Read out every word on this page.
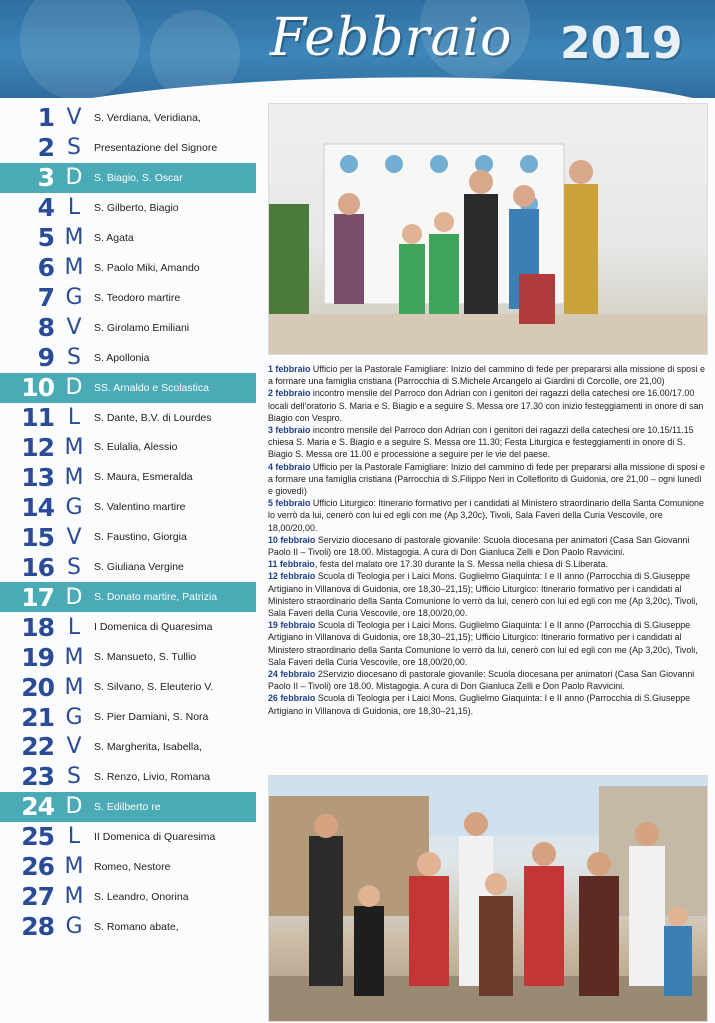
Febbraio 2019
1 V	S. Verdiana, Veridiana,
2 S	Presentazione del Signore
3 D	S. Biagio, S. Oscar
4 L	S. Gilberto, Biagio
5 M	S. Agata
6 M	S. Paolo Miki, Amando
7 G	S. Teodoro martire
8 V	S. Girolamo Emiliani
9 S	S. Apollonia
10 D	SS. Arnaldo e Scolastica
11 L	S. Dante, B.V. di Lourdes
12 M	S. Eulalia, Alessio
13 M	S. Maura, Esmeralda
14 G	S. Valentino martire
15 V	S. Faustino, Giorgia
16 S	S. Giuliana Vergine
17 D	S. Donato martire, Patrizia
18 L	I Domenica di Quaresima
19 M	S. Mansueto, S. Tullio
20 M	S. Silvano, S. Eleuterio V.
21 G	S. Pier Damiani, S. Nora
22 V	S. Margherita, Isabella,
23 S	S. Renzo, Livio, Romana
24 D	S. Edilberto re
25 L	II Domenica di Quaresima
26 M	Romeo, Nestore
27 M	S. Leandro, Onorina
28 G	S. Romano abate,

1 febbraio Ufficio per la Pastorale Famigliare: Inizio del cammino di fede per prepararsi alla missione di sposi e a formare una famiglia cristiana (Parrocchia di S.Michele Arcangelo ai Giardini di Corcolle, ore 21,00)

2 febbraio incontro mensile del Parroco don Adrian con i genitori dei ragazzi della catechesi ore 16.00/17.00 locali dell'oratorio S. Maria e S. Biagio e a seguire S. Messa ore 17.30 con inizio festeggiamenti in onore di san Biagio con Vespro.

3 febbraio incontro mensile del Parroco don Adrian con i genitori dei ragazzi della catechesi ore 10.15/11.15 chiesa S. Maria e S. Biagio e a seguire S. Messa ore 11.30; Festa Liturgica e festeggiamenti in onore di S. Biagio S. Messa ore 11.00 e processione a seguire per le vie del paese.

4 febbraio Ufficio per la Pastorale Famigliare: Inizio del cammino di fede per prepararsi alla missione di sposi e a formare una famiglia cristiana (Parrocchia di S.Filippo Neri in Colleflorito di Guidonia, ore 21,00 – ogni lunedì e giovedì)

5 febbraio Ufficio Liturgico: Itinerario formativo per i candidati al Ministero straordinario della Santa Comunione lo verrò da lui, cenerò con lui ed egli con me (Ap 3,20c), Tivoli, Sala Faveri della Curia Vescovile, ore 18,00/20,00.

10 febbraio Servizio diocesano di pastorale giovanile: Scuola diocesana per animatori (Casa San Giovanni Paolo II – Tivoli) ore 18.00. Mistagogia. A cura di Don Gianluca Zelli e Don Paolo Ravvicini.

11 febbraio, festa del malato ore 17.30 durante la S. Messa nella chiesa di S.Liberata.

12 febbraio Scuola di Teologia per i Laici Mons. Guglielmo Giaquinta: I e II anno (Parrocchia di S.Giuseppe Artigiano in Villanova di Guidonia, ore 18,30–21,15); Ufficio Liturgico: Itinerario formativo per i candidati al Ministero straordinario della Santa Comunione lo verrò da lui, cenerò con lui ed egli con me (Ap 3,20c), Tivoli, Sala Faveri della Curia Vescovile, ore 18,00/20,00.

19 febbraio Scuola di Teologia per i Laici Mons. Guglielmo Giaquinta: I e II anno (Parrocchia di S.Giuseppe Artigiano in Villanova di Guidonia, ore 18,30–21,15); Ufficio Liturgico: Itinerario formativo per i candidati al Ministero straordinario della Santa Comunione lo verrò da lui, cenerò con lui ed egli con me (Ap 3,20c), Tivoli, Sala Faveri della Curia Vescovile, ore 18,00/20,00.

24 febbraio 2Servizio diocesano di pastorale giovanile: Scuola diocesana per animatori (Casa San Giovanni Paolo II – Tivoli) ore 18.00. Mistagogia. A cura di Don Gianluca Zelli e Don Paolo Ravvicini.

26 febbraio Scuola di Teologia per i Laici Mons. Guglielmo Giaquinta: I e II anno (Parrocchia di S.Giuseppe Artigiano in Villanova di Guidonia, ore 18,30–21,15).
